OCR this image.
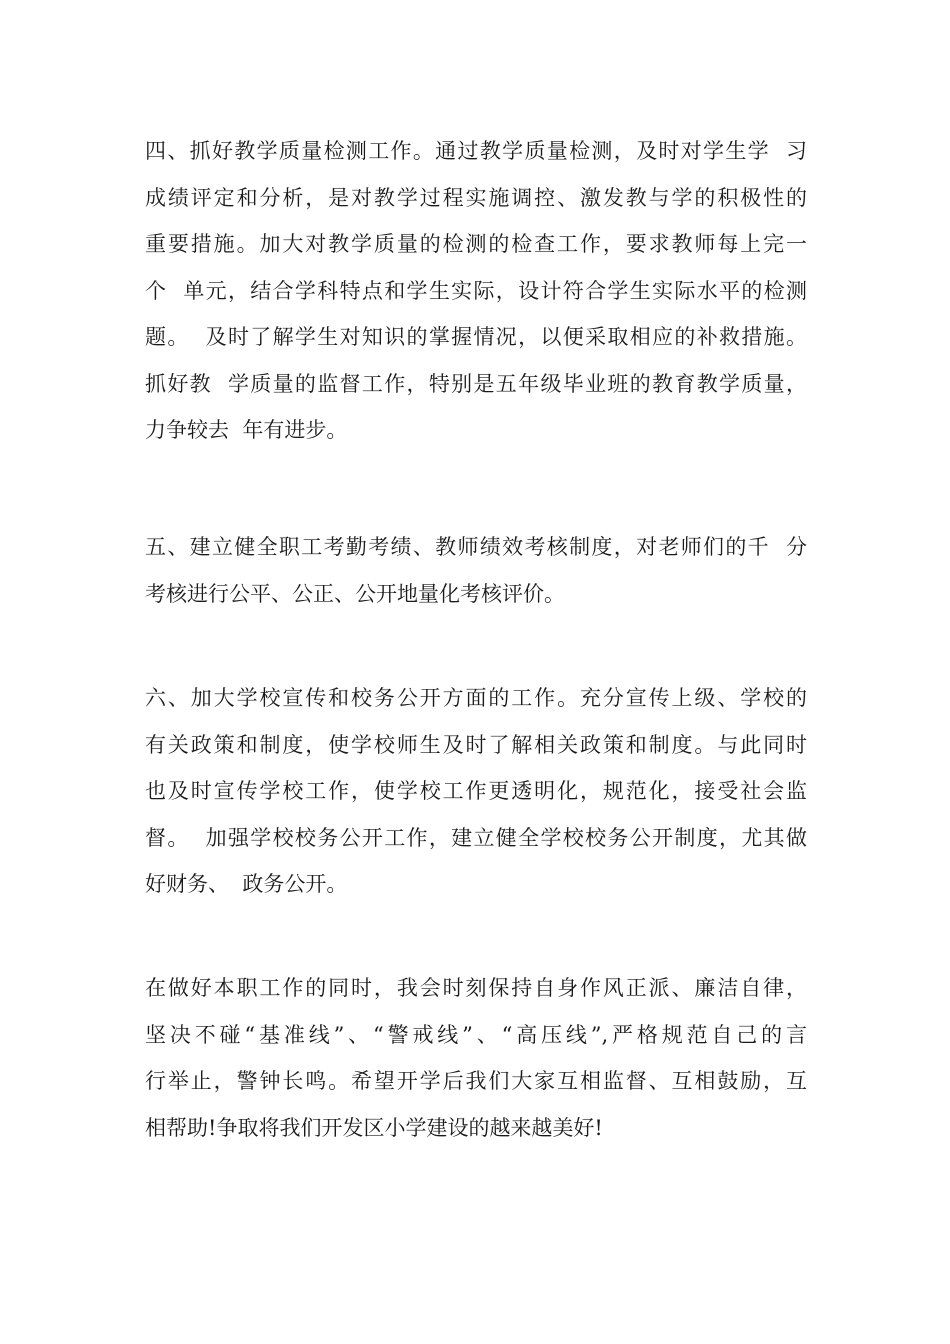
四、抓好教学质量检测工作。通过教学质量检测，及时对学生学  习
成绩评定和分析，是对教学过程实施调控、激发教与学的积极性的
重要措施。加大对教学质量的检测的检查工作，要求教师每上完一
个  单元，结合学科特点和学生实际，设计符合学生实际水平的检测
题。  及时了解学生对知识的掌握情况，以便采取相应的补救措施。
抓好教  学质量的监督工作，特别是五年级毕业班的教育教学质量，
力争较去  年有进步。
五、建立健全职工考勤考绩、教师绩效考核制度，对老师们的千  分
考核进行公平、公正、公开地量化考核评价。
六、加大学校宣传和校务公开方面的工作。充分宣传上级、学校的
有关政策和制度，使学校师生及时了解相关政策和制度。与此同时
也及时宣传学校工作，使学校工作更透明化，规范化，接受社会监
督。  加强学校校务公开工作，建立健全学校校务公开制度，尤其做
好财务、  政务公开。
在做好本职工作的同时，我会时刻保持自身作风正派、廉洁自律，
坚决不碰“基准线”、“警戒线”、“高压线”,严格规范自己的言
行举止，警钟长鸣。希望开学后我们大家互相监督、互相鼓励，互
相帮助!争取将我们开发区小学建设的越来越美好!
